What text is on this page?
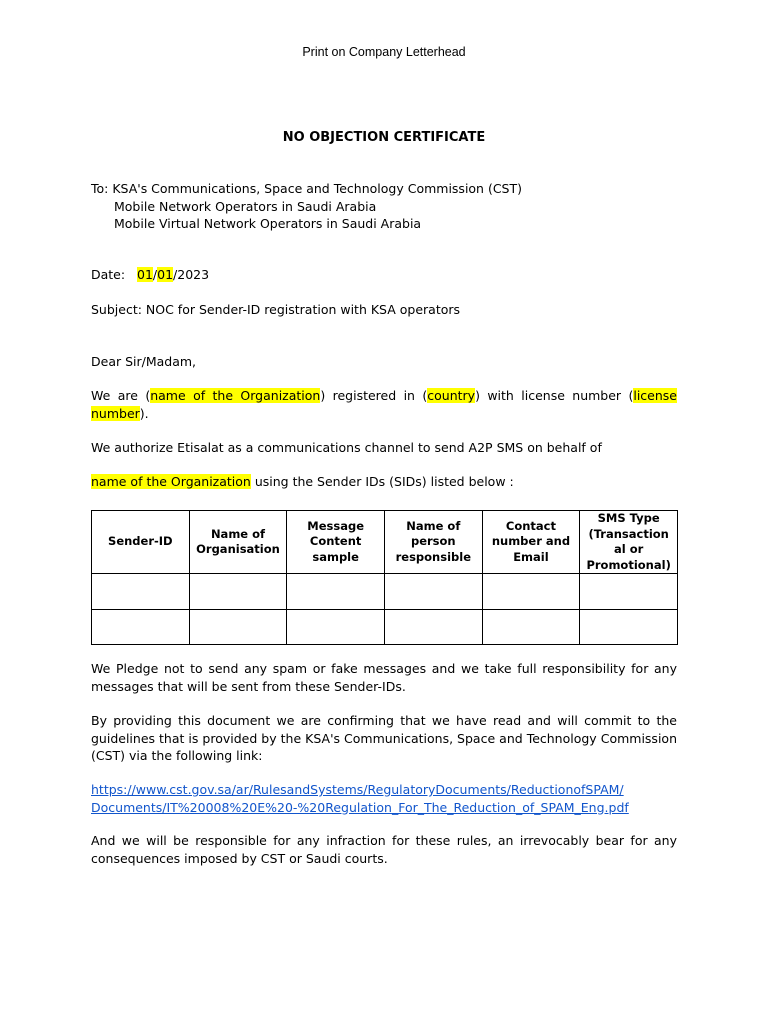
Print on Company Letterhead
NO OBJECTION CERTIFICATE
To: KSA's Communications, Space and Technology Commission (CST)
Mobile Network Operators in Saudi Arabia
Mobile Virtual Network Operators in Saudi Arabia
Date: 01/01/2023
Subject: NOC for Sender-ID registration with KSA operators
Dear Sir/Madam,
We are (name of the Organization) registered in (country) with license number (license number).
We authorize Etisalat as a communications channel to send A2P SMS on behalf of
name of the Organization using the Sender IDs (SIDs) listed below :
Sender-ID	Name of Organisation	Message Content sample	Name of person responsible	Contact number and Email	SMS Type (Transaction al or Promotional)

We Pledge not to send any spam or fake messages and we take full responsibility for any messages that will be sent from these Sender-IDs.
By providing this document we are confirming that we have read and will commit to the guidelines that is provided by the KSA's Communications, Space and Technology Commission (CST) via the following link:
https://www.cst.gov.sa/ar/RulesandSystems/RegulatoryDocuments/ReductionofSPAM/
Documents/IT%20008%20E%20-%20Regulation_For_The_Reduction_of_SPAM_Eng.pdf
And we will be responsible for any infraction for these rules, an irrevocably bear for any consequences imposed by CST or Saudi courts.
